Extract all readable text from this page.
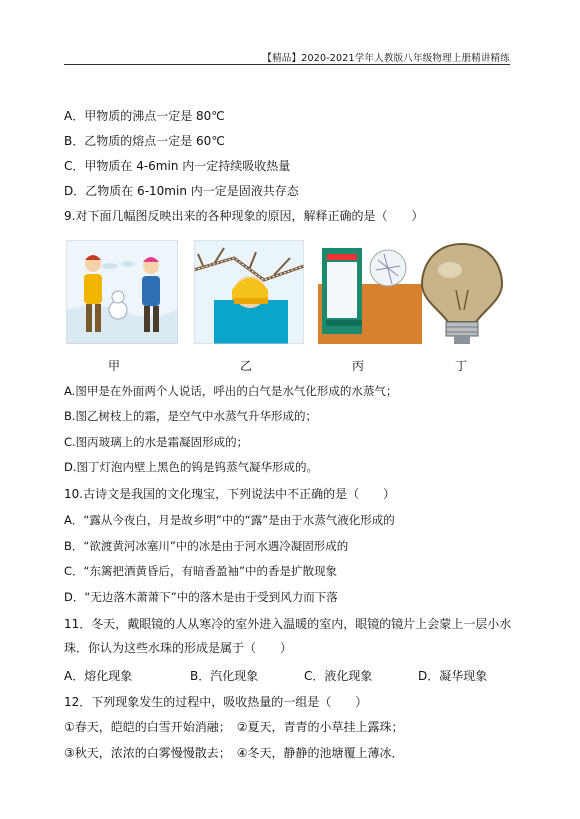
【精品】2020-2021学年人教版八年级物理上册精讲精练
A．甲物质的沸点一定是 80℃
B．乙物质的熔点一定是 60℃
C．甲物质在 4-6min 内一定持续吸收热量
D．乙物质在 6-10min 内一定是固液共存态
9.对下面几幅图反映出来的各种现象的原因，解释正确的是（　　）
甲	乙	丙	丁
A.图甲是在外面两个人说话，呼出的白气是水气化形成的水蒸气；
B.图乙树枝上的霜，是空气中水蒸气升华形成的；
C.图丙玻璃上的水是霜凝固形成的；
D.图丁灯泡内壁上黑色的钨是钨蒸气凝华形成的。
10.古诗文是我国的文化瑰宝，下列说法中不正确的是（　　）
A．“露从今夜白，月是故乡明”中的“露”是由于水蒸气液化形成的
B．“欲渡黄河冰塞川”中的冰是由于河水遇冷凝固形成的
C．“东篱把酒黄昏后，有暗香盈袖”中的香是扩散现象
D．“无边落木萧萧下”中的落木是由于受到风力而下落
11．冬天，戴眼镜的人从寒冷的室外进入温暖的室内，眼镜的镜片上会蒙上一层小水
珠．你认为这些水珠的形成是属于（　　）
A．熔化现象	B．汽化现象	C．液化现象	D．凝华现象
12．下列现象发生的过程中，吸收热量的一组是（　　）
①春天，皑皑的白雪开始消融；　②夏天，青青的小草挂上露珠；
③秋天，浓浓的白雾慢慢散去；　④冬天，静静的池塘覆上薄冰．
